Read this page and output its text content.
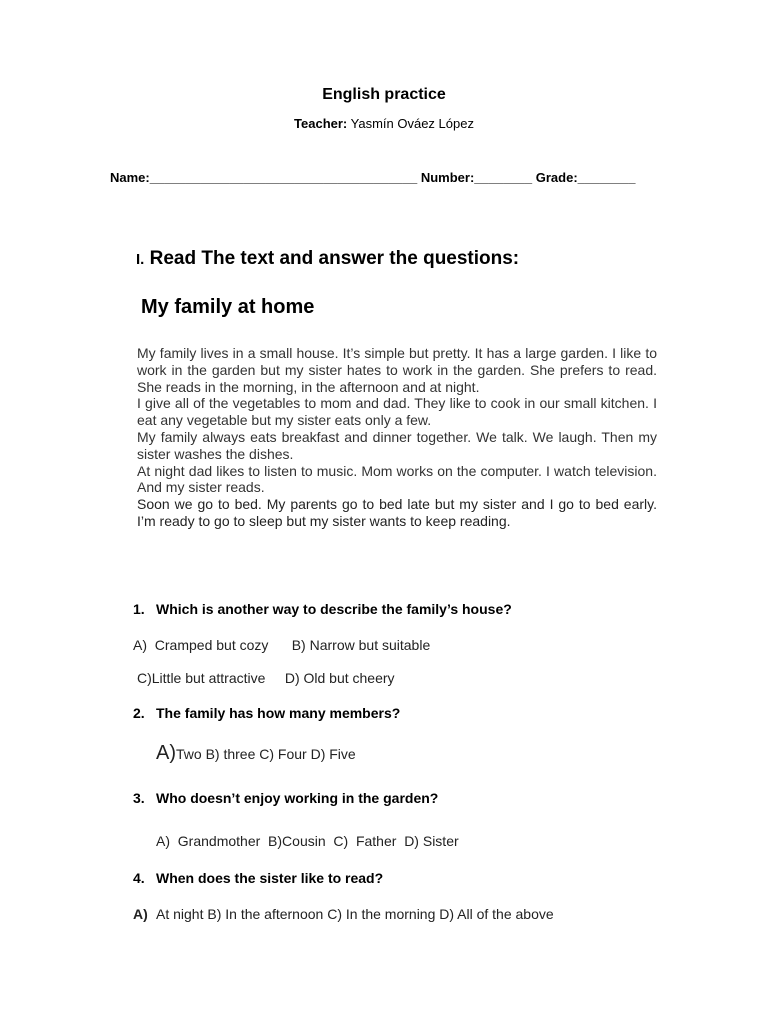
English practice
Teacher: Yasmín Ováez López
Name:_____________________________________ Number:________ Grade:________
I. Read The text and answer the questions:
My family at home

My family lives in a small house. It’s simple but pretty. It has a large garden. I like to work in the garden but my sister hates to work in the garden. She prefers to read. She reads in the morning, in the afternoon and at night.

I give all of the vegetables to mom and dad. They like to cook in our small kitchen. I eat any vegetable but my sister eats only a few.

My family always eats breakfast and dinner together. We talk. We laugh. Then my sister washes the dishes.

At night dad likes to listen to music. Mom works on the computer. I watch television. And my sister reads.

Soon we go to bed. My parents go to bed late but my sister and I go to bed early. I’m ready to go to sleep but my sister wants to keep reading.

1. Which is another way to describe the family’s house?
A)  Cramped but cozy      B) Narrow but suitable
C)Little but attractive     D) Old but cheery
2. The family has how many members?
A)Two B) three C) Four D) Five
3. Who doesn’t enjoy working in the garden?
A)  Grandmother  B)Cousin  C)  Father  D) Sister
4. When does the sister like to read?
A) At night B) In the afternoon C) In the morning D) All of the above
